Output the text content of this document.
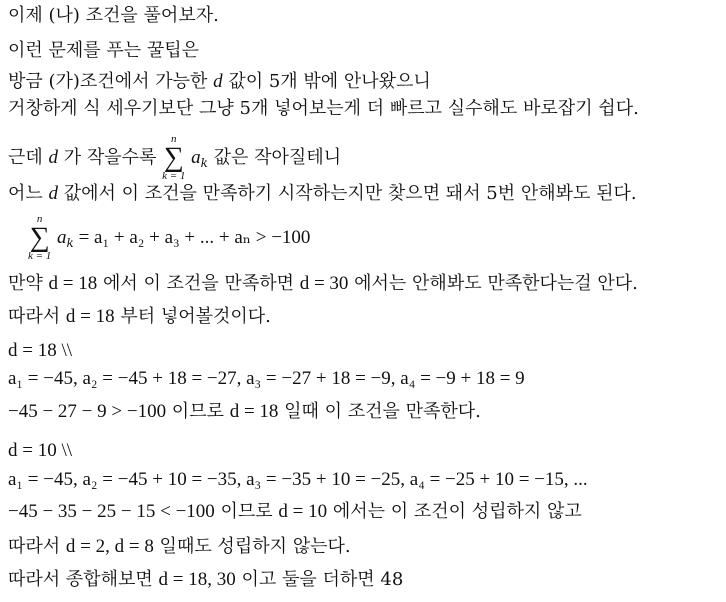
이제 (나) 조건을 풀어보자.
이런 문제를 푸는 꿀팁은
방금 (가)조건에서 가능한 d 값이 5개 밖에 안나왔으니
거창하게 식 세우기보단 그냥 5개 넣어보는게 더 빠르고 실수해도 바로잡기 쉽다.
근데 d 가 작을수록
n
∑
k = 1
$a_k$ 값은 작아질테니
어느 d 값에서 이 조건을 만족하기 시작하는지만 찾으면 돼서 5번 안해봐도 된다.
n
∑
k = 1
$a_k = a_1 + a_2 + a_3$ + ... + aₙ > −100
만약 d = 18 에서 이 조건을 만족하면 d = 30 에서는 안해봐도 만족한다는걸 안다.
따라서 d = 18 부터 넣어볼것이다.
d = 18 \\
a₁ = −45, a₂ = −45 + 18 = −27, a₃ = −27 + 18 = −9, a₄ = −9 + 18 = 9
−45 − 27 − 9 > −100 이므로 d = 18 일때 이 조건을 만족한다.
d = 10 \\
a₁ = −45, a₂ = −45 + 10 = −35, a₃ = −35 + 10 = −25, a₄ = −25 + 10 = −15, ...
−45 − 35 − 25 − 15 < −100 이므로 d = 10 에서는 이 조건이 성립하지 않고
따라서 d = 2, d = 8 일때도 성립하지 않는다.
따라서 종합해보면 d = 18, 30 이고 둘을 더하면 48
